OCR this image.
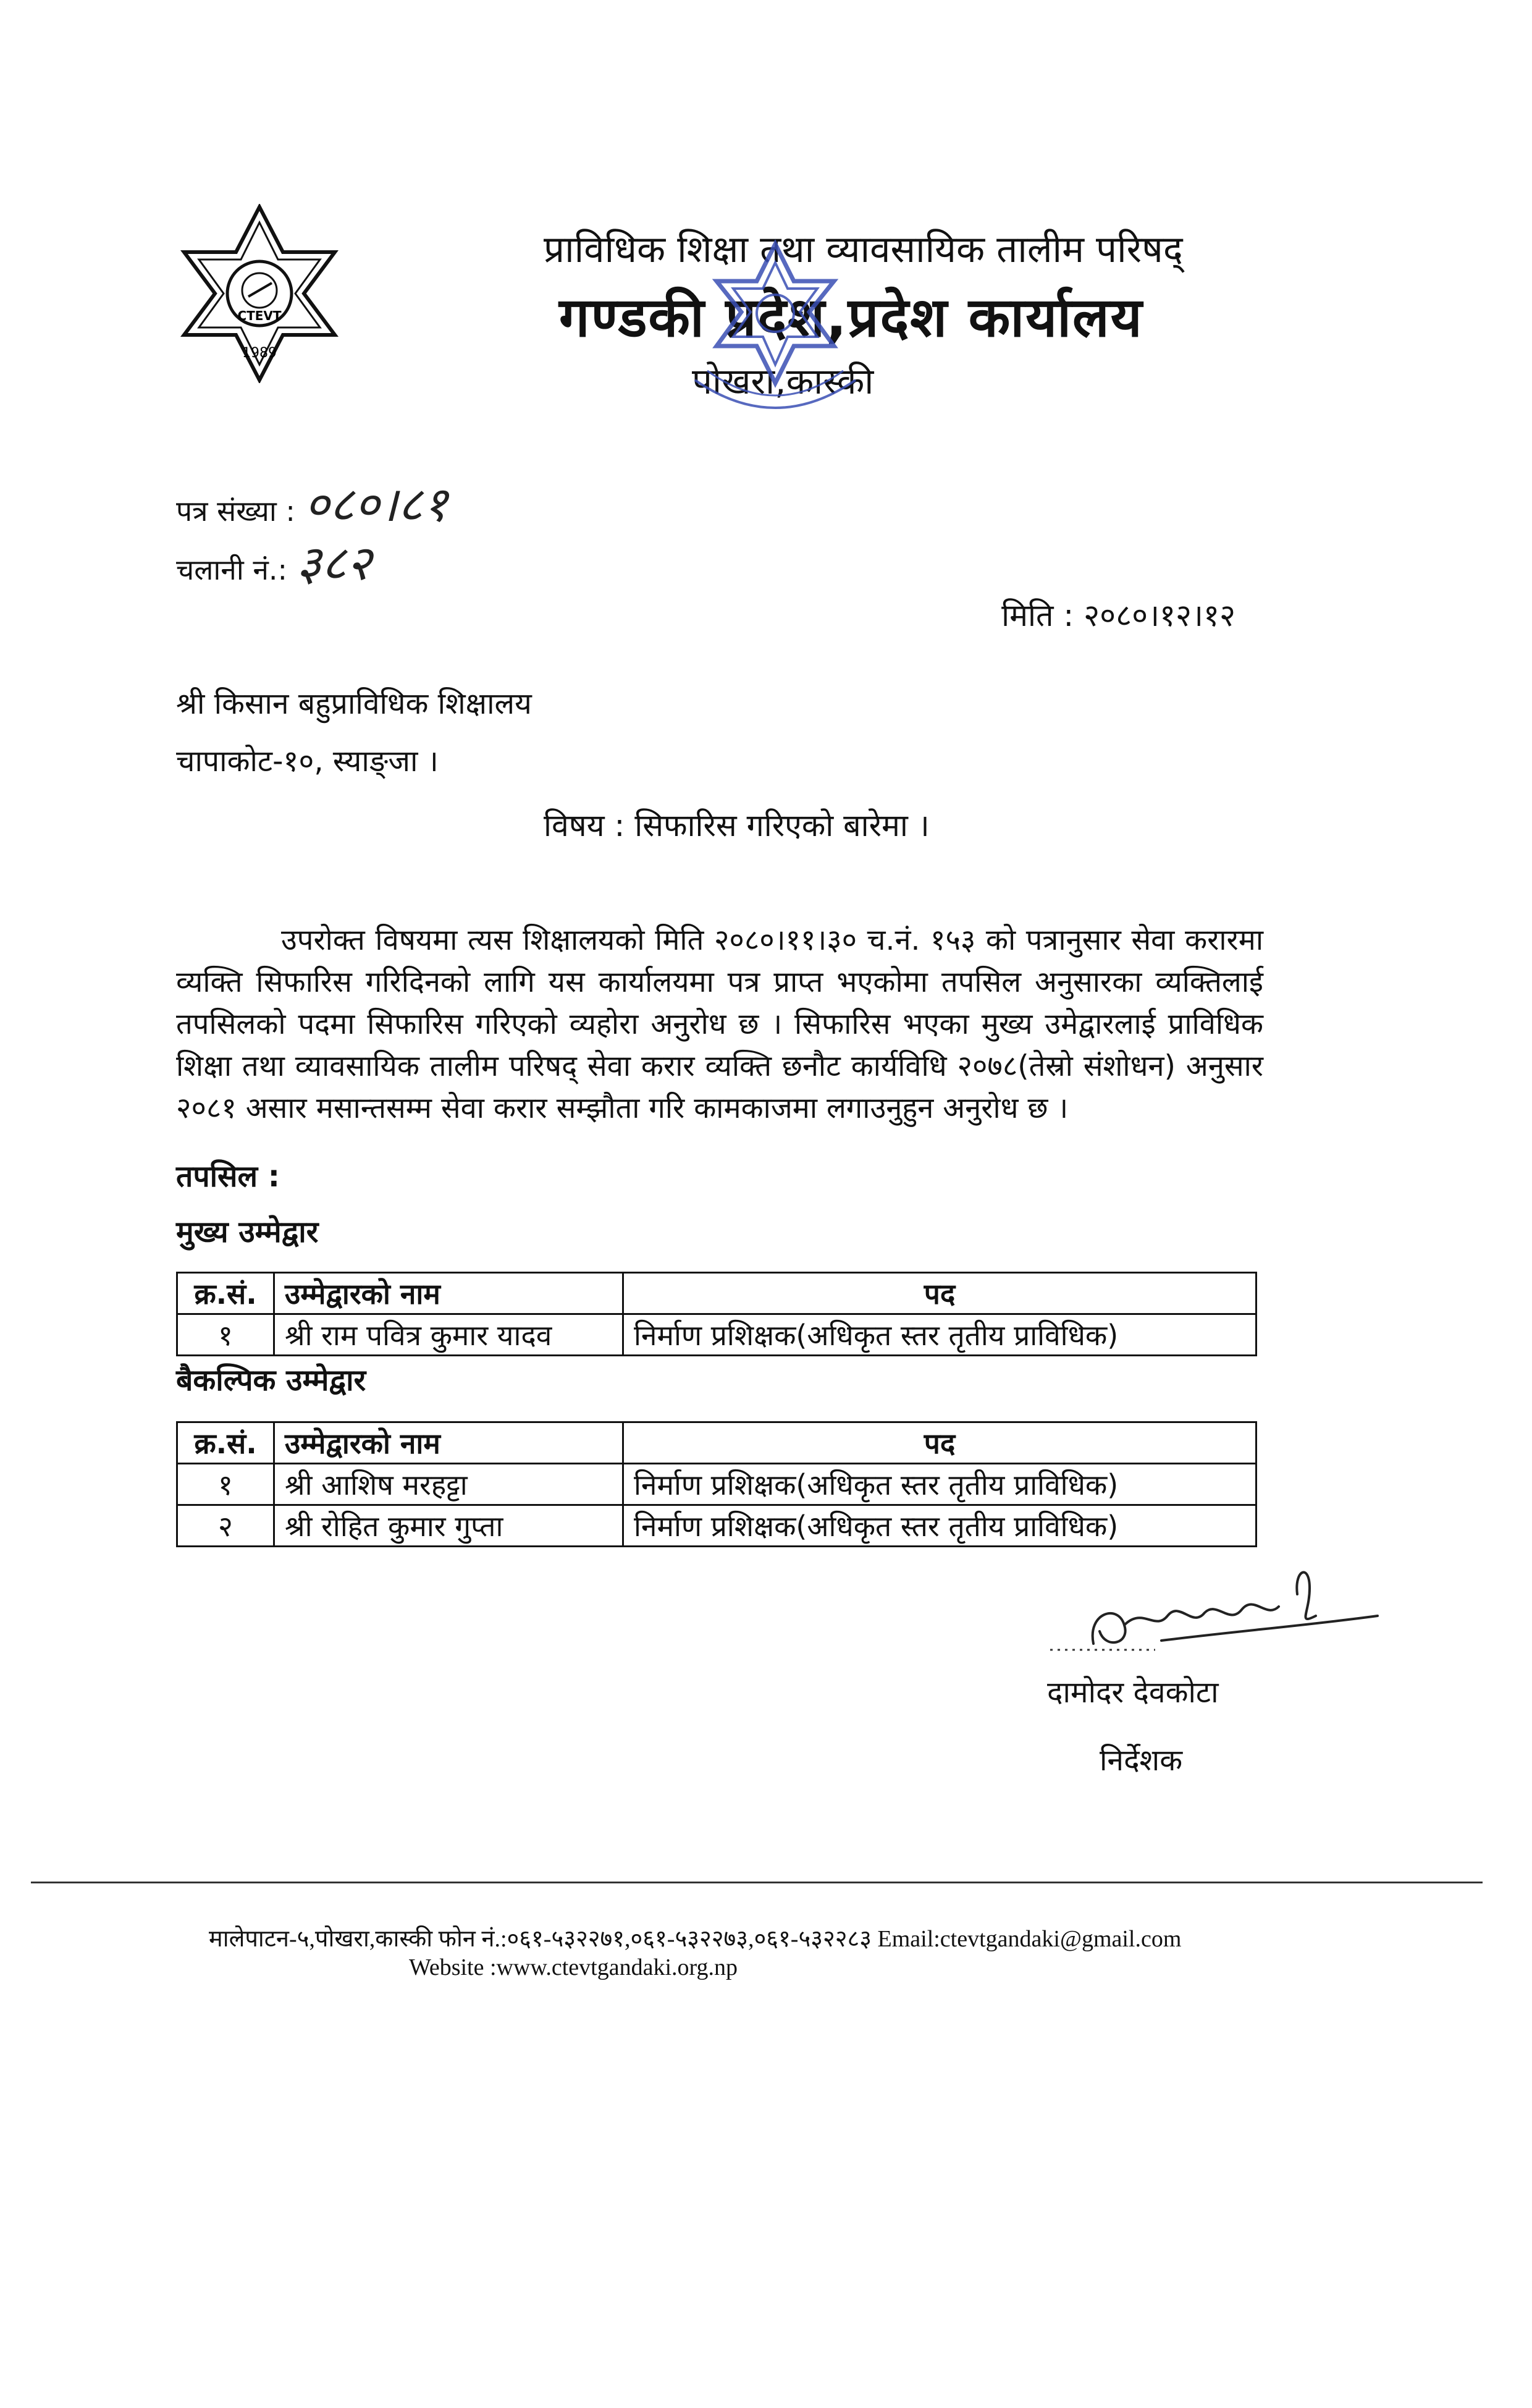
CTEVT
1989
प्राविधिक शिक्षा तथा व्यावसायिक तालीम परिषद्
गण्डकी प्रदेश,प्रदेश कार्यालय
पोखरा,कास्की
पत्र संख्या : ०८०।८१
चलानी नं.: ३८२
मिति : २०८०।१२।१२
श्री किसान बहुप्राविधिक शिक्षालय
चापाकोट-१०, स्याङ्जा ।
विषय : सिफारिस गरिएको बारेमा ।
उपरोक्त विषयमा त्यस शिक्षालयको मिति २०८०।११।३० च.नं. १५३ को पत्रानुसार सेवा करारमा व्यक्ति सिफारिस गरिदिनको लागि यस कार्यालयमा पत्र प्राप्त भएकोमा तपसिल अनुसारका व्यक्तिलाई तपसिलको पदमा सिफारिस गरिएको व्यहोरा अनुरोध छ । सिफारिस भएका मुख्य उमेद्वारलाई प्राविधिक शिक्षा तथा व्यावसायिक तालीम परिषद् सेवा करार व्यक्ति छनौट कार्यविधि २०७८(तेस्रो संशोधन) अनुसार २०८१ असार मसान्तसम्म सेवा करार सम्झौता गरि कामकाजमा लगाउनुहुन अनुरोध छ ।
तपसिल :
मुख्य उम्मेद्वार
क्र.सं.	उम्मेद्वारको नाम	पद
१	श्री राम पवित्र कुमार यादव	निर्माण प्रशिक्षक(अधिकृत स्तर तृतीय प्राविधिक)
बैकल्पिक उम्मेद्वार
क्र.सं.	उम्मेद्वारको नाम	पद
१	श्री आशिष मरहट्टा	निर्माण प्रशिक्षक(अधिकृत स्तर तृतीय प्राविधिक)
२	श्री रोहित कुमार गुप्ता	निर्माण प्रशिक्षक(अधिकृत स्तर तृतीय प्राविधिक)
दामोदर देवकोटा
निर्देशक
मालेपाटन-५,पोखरा,कास्की फोन नं.:०६१-५३२२७१,०६१-५३२२७३,०६१-५३२२८३ Email:ctevtgandaki@gmail.com
Website :www.ctevtgandaki.org.np
